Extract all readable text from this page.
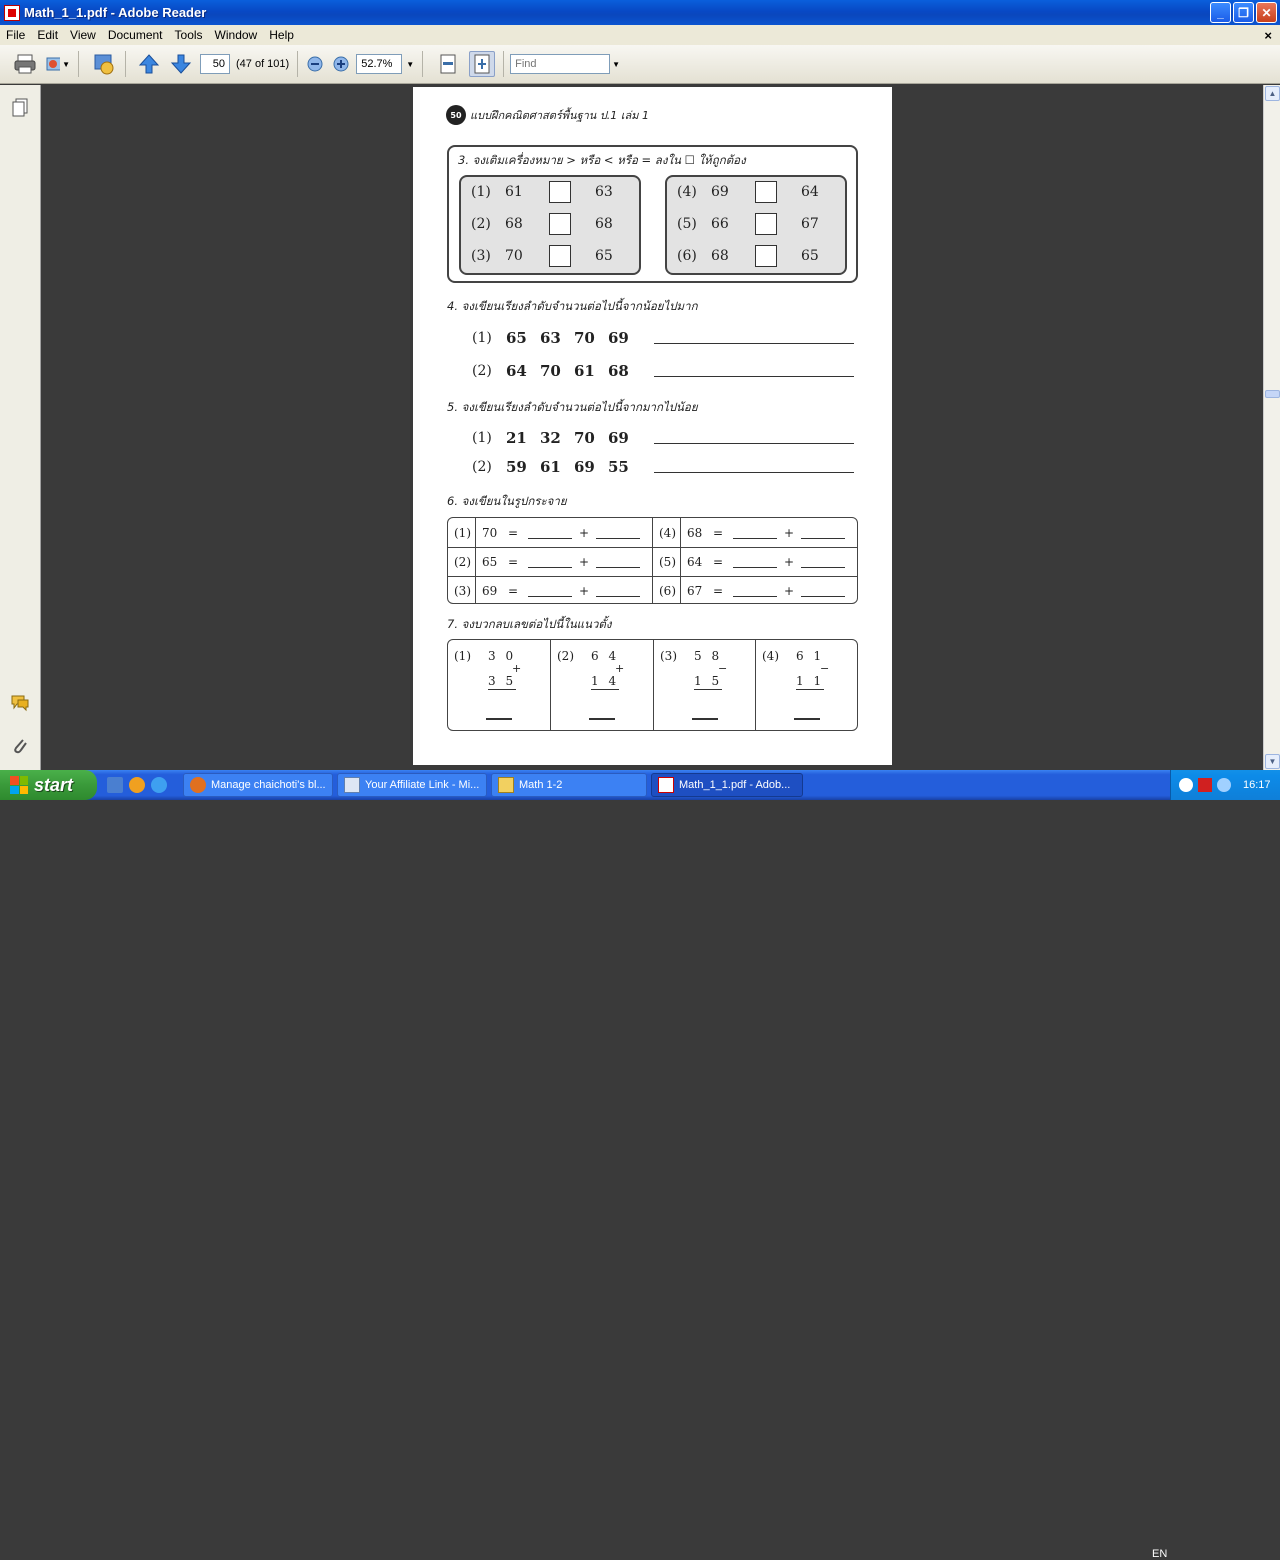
Math_1_1.pdf - Adobe Reader	_	❐	✕
File	Edit	View	Document	Tools	Window	Help	×
▼	50	(47 of 101)	52.7%	▼
Find	▼
▲
▼
50 แบบฝึกคณิตศาสตร์พื้นฐาน ป.1 เล่ม 1
3. จงเติมเครื่องหมาย > หรือ < หรือ = ลงใน ☐ ให้ถูกต้อง
(1)	61	63
(2)	68	68
(3)	70	65
(4)	69	64
(5)	66	67
(6)	68	65
4. จงเขียนเรียงลำดับจำนวนต่อไปนี้จากน้อยไปมาก
(1) 65 63 70 69
(2) 64 70 61 68
5. จงเขียนเรียงลำดับจำนวนต่อไปนี้จากมากไปน้อย
(1) 21 32 70 69
(2) 59 61 69 55
6. จงเขียนในรูปกระจาย
(1) 70 =	+
(2) 65 =	+
(3) 69 =	+
(4) 68 =	+
(5) 64 =	+
(6) 67 =	+
7. จงบวกลบเลขต่อไปนี้ในแนวตั้ง
(1) 3 0
+
3 5
(2) 6 4
+
1 4
(3) 5 8
−
1 5
(4) 6 1
−
1 1
start	Manage chaichoti's bl...	Your Affiliate Link - Mi...	Math 1-2	Math_1_1.pdf - Adob...
EN
16:17
